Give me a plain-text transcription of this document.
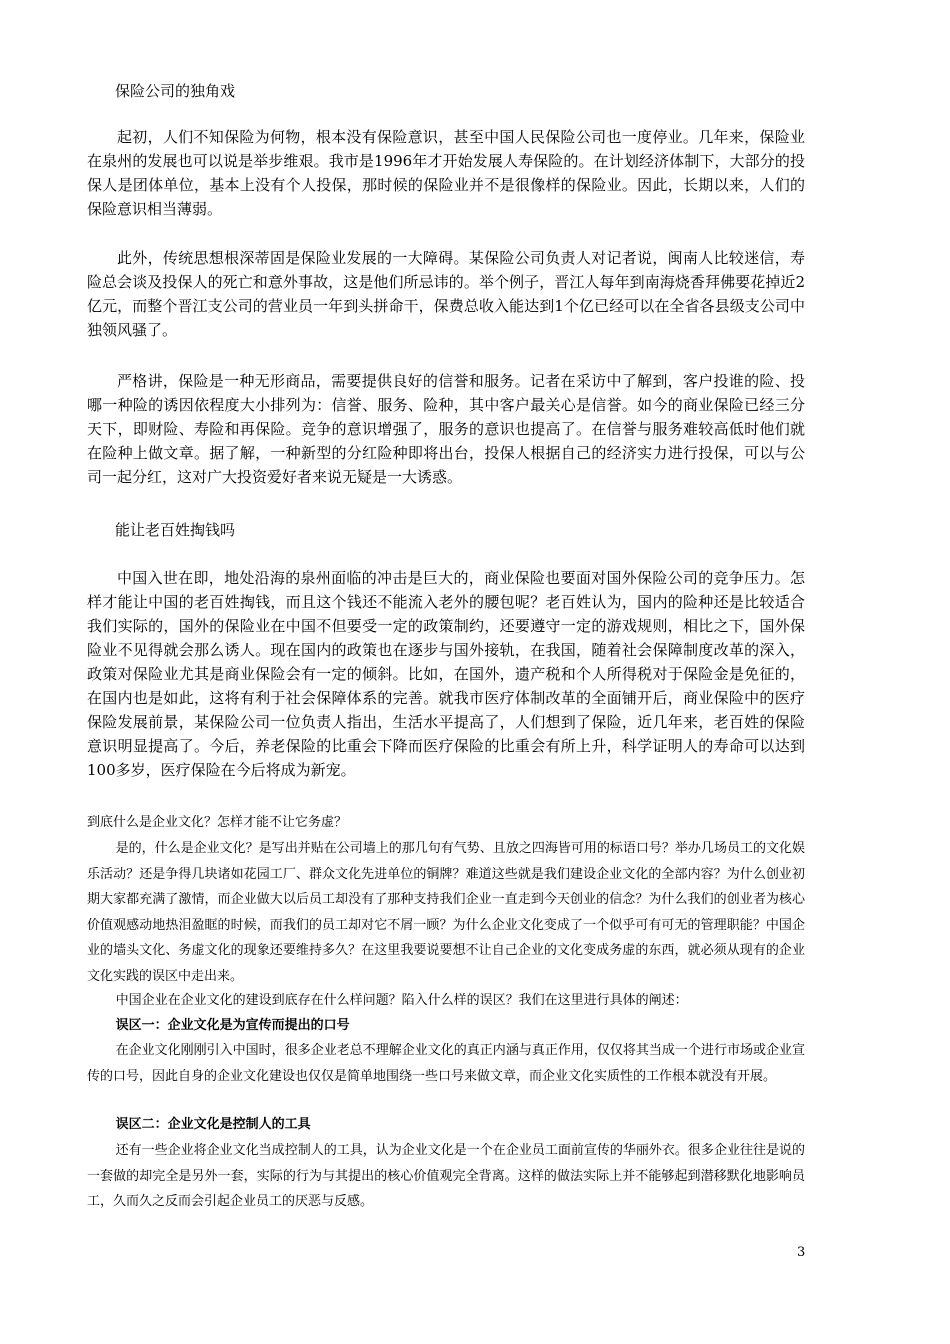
保险公司的独角戏

起初，人们不知保险为何物，根本没有保险意识，甚至中国人民保险公司也一度停业。几年来，保险业在泉州的发展也可以说是举步维艰。我市是1996年才开始发展人寿保险的。在计划经济体制下，大部分的投保人是团体单位，基本上没有个人投保，那时候的保险业并不是很像样的保险业。因此，长期以来，人们的保险意识相当薄弱。

此外，传统思想根深蒂固是保险业发展的一大障碍。某保险公司负责人对记者说，闽南人比较迷信，寿险总会谈及投保人的死亡和意外事故，这是他们所忌讳的。举个例子，晋江人每年到南海烧香拜佛要花掉近2亿元，而整个晋江支公司的营业员一年到头拼命干，保费总收入能达到1个亿已经可以在全省各县级支公司中独领风骚了。

严格讲，保险是一种无形商品，需要提供良好的信誉和服务。记者在采访中了解到，客户投谁的险、投哪一种险的诱因依程度大小排列为：信誉、服务、险种，其中客户最关心是信誉。如今的商业保险已经三分天下，即财险、寿险和再保险。竞争的意识增强了，服务的意识也提高了。在信誉与服务难较高低时他们就在险种上做文章。据了解，一种新型的分红险种即将出台，投保人根据自己的经济实力进行投保，可以与公司一起分红，这对广大投资爱好者来说无疑是一大诱惑。

能让老百姓掏钱吗

中国入世在即，地处沿海的泉州面临的冲击是巨大的，商业保险也要面对国外保险公司的竞争压力。怎样才能让中国的老百姓掏钱，而且这个钱还不能流入老外的腰包呢？老百姓认为，国内的险种还是比较适合我们实际的，国外的保险业在中国不但要受一定的政策制约，还要遵守一定的游戏规则，相比之下，国外保险业不见得就会那么诱人。现在国内的政策也在逐步与国外接轨，在我国，随着社会保障制度改革的深入，政策对保险业尤其是商业保险会有一定的倾斜。比如，在国外，遗产税和个人所得税对于保险金是免征的，在国内也是如此，这将有利于社会保障体系的完善。就我市医疗体制改革的全面铺开后，商业保险中的医疗保险发展前景，某保险公司一位负责人指出，生活水平提高了，人们想到了保险，近几年来，老百姓的保险意识明显提高了。今后，养老保险的比重会下降而医疗保险的比重会有所上升，科学证明人的寿命可以达到100多岁，医疗保险在今后将成为新宠。

到底什么是企业文化？怎样才能不让它务虚？

是的，什么是企业文化？是写出并贴在公司墙上的那几句有气势、且放之四海皆可用的标语口号？举办几场员工的文化娱乐活动？还是争得几块诸如花园工厂、群众文化先进单位的铜牌？难道这些就是我们建设企业文化的全部内容？为什么创业初期大家都充满了激情，而企业做大以后员工却没有了那种支持我们企业一直走到今天创业的信念？为什么我们的创业者为核心价值观感动地热泪盈眶的时候，而我们的员工却对它不屑一顾？为什么企业文化变成了一个似乎可有可无的管理职能？中国企业的墙头文化、务虚文化的现象还要维持多久？在这里我要说要想不让自己企业的文化变成务虚的东西，就必须从现有的企业文化实践的误区中走出来。

中国企业在企业文化的建设到底存在什么样问题？陷入什么样的误区？我们在这里进行具体的阐述：

误区一：企业文化是为宣传而提出的口号

在企业文化刚刚引入中国时，很多企业老总不理解企业文化的真正内涵与真正作用，仅仅将其当成一个进行市场或企业宣传的口号，因此自身的企业文化建设也仅仅是简单地围绕一些口号来做文章，而企业文化实质性的工作根本就没有开展。

误区二：企业文化是控制人的工具

还有一些企业将企业文化当成控制人的工具，认为企业文化是一个在企业员工面前宣传的华丽外衣。很多企业往往是说的一套做的却完全是另外一套，实际的行为与其提出的核心价值观完全背离。这样的做法实际上并不能够起到潜移默化地影响员工，久而久之反而会引起企业员工的厌恶与反感。

3
